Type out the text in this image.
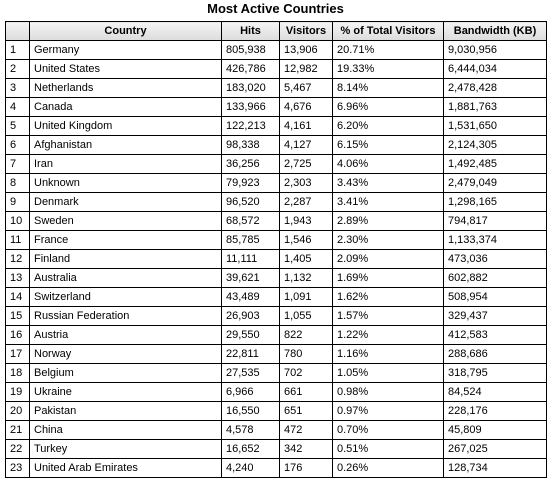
Most Active Countries
	Country	Hits	Visitors	% of Total Visitors	Bandwidth (KB)
1	Germany	805,938	13,906	20.71%	9,030,956
2	United States	426,786	12,982	19.33%	6,444,034
3	Netherlands	183,020	5,467	8.14%	2,478,428
4	Canada	133,966	4,676	6.96%	1,881,763
5	United Kingdom	122,213	4,161	6.20%	1,531,650
6	Afghanistan	98,338	4,127	6.15%	2,124,305
7	Iran	36,256	2,725	4.06%	1,492,485
8	Unknown	79,923	2,303	3.43%	2,479,049
9	Denmark	96,520	2,287	3.41%	1,298,165
10	Sweden	68,572	1,943	2.89%	794,817
11	France	85,785	1,546	2.30%	1,133,374
12	Finland	11,111	1,405	2.09%	473,036
13	Australia	39,621	1,132	1.69%	602,882
14	Switzerland	43,489	1,091	1.62%	508,954
15	Russian Federation	26,903	1,055	1.57%	329,437
16	Austria	29,550	822	1.22%	412,583
17	Norway	22,811	780	1.16%	288,686
18	Belgium	27,535	702	1.05%	318,795
19	Ukraine	6,966	661	0.98%	84,524
20	Pakistan	16,550	651	0.97%	228,176
21	China	4,578	472	0.70%	45,809
22	Turkey	16,652	342	0.51%	267,025
23	United Arab Emirates	4,240	176	0.26%	128,734
